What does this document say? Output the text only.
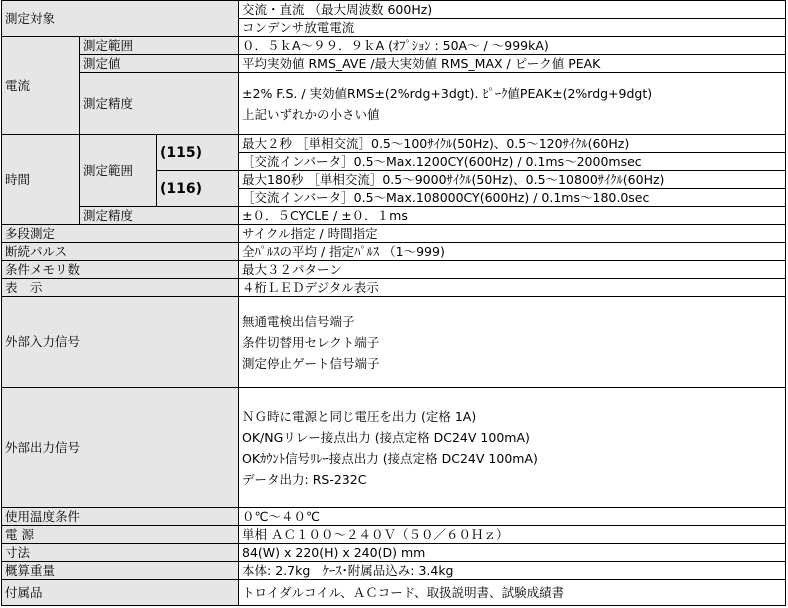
測定対象			交流・直流 （最大周波数 600Hz)
			コンデンサ放電電流
電流	測定範囲		０．５ｋA～９９．９ｋA (ｵﾌﾟｼｮﾝ : 50A～ / ～999kA)
	測定値		平均実効値 RMS_AVE /最大実効値 RMS_MAX / ピーク値 PEAK
	測定精度		±2% F.S. / 実効値RMS±(2%rdg+3dgt). ﾋﾟｰｸ値PEAK±(2%rdg+9dgt)
上記いずれかの小さい値

時間	測定範囲	(115)	最大２秒 ［単相交流］0.5～100ｻｲｸﾙ(50Hz)、0.5～120ｻｲｸﾙ(60Hz)
			［交流インバータ］0.5～Max.1200CY(600Hz) / 0.1ms～2000msec
		(116)	最大180秒 ［単相交流］0.5～9000ｻｲｸﾙ(50Hz)、0.5～10800ｻｲｸﾙ(60Hz)
			［交流インバータ］0.5～Max.108000CY(600Hz) / 0.1ms～180.0sec
	測定精度		±０．５CYCLE / ±０．１ms
多段測定			サイクル指定 / 時間指定
断続パルス			全ﾊﾟﾙｽの平均 / 指定ﾊﾟﾙｽ （1～999)
条件メモリ数			最大３２パターン
表　示			４桁ＬＥＤデジタル表示
外部入力信号			無通電検出信号端子
条件切替用セレクト端子
測定停止ゲート信号端子

外部出力信号			ＮＧ時に電源と同じ電圧を出力 (定格 1A)
OK/NGリレー接点出力 (接点定格 DC24V 100mA)
OKｶｳﾝﾄ信号ﾘﾚｰ接点出力 (接点定格 DC24V 100mA)
データ出力: RS-232C

使用温度条件			０℃～４０℃
電 源			単相 ＡＣ１００～２４０Ｖ（５０／６０Ｈｚ）
寸法			84(W) x 220(H) x 240(D) mm
概算重量			本体: 2.7kg　ｹｰｽ･附属品込み: 3.4kg
付属品			トロイダルコイル、ＡＣコード、取扱説明書、試験成績書
